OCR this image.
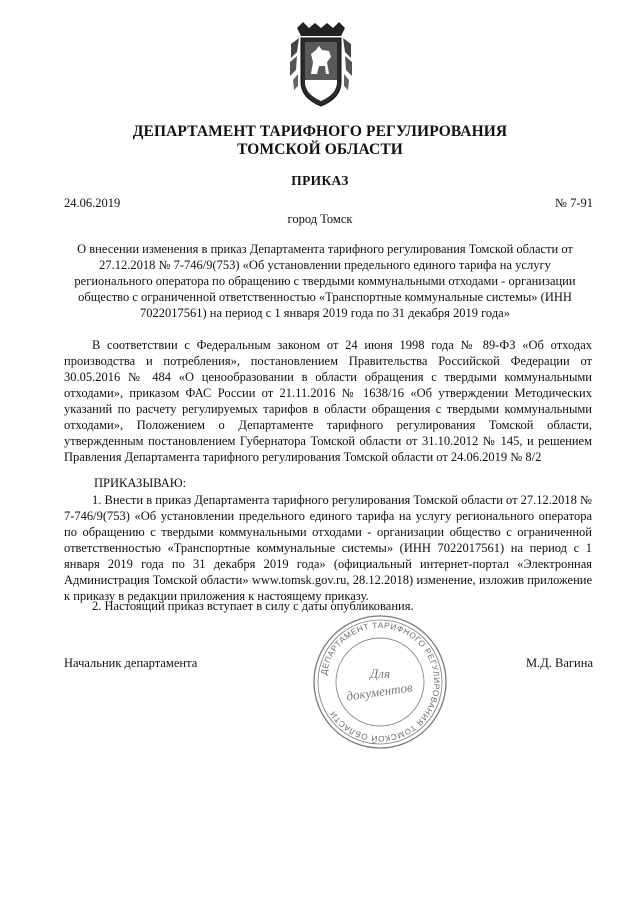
ДЕПАРТАМЕНТ ТАРИФНОГО РЕГУЛИРОВАНИЯ
ТОМСКОЙ ОБЛАСТИ
ПРИКАЗ
24.06.2019	№ 7-91
город Томск
О внесении изменения в приказ Департамента тарифного регулирования Томской области от 27.12.2018 № 7-746/9(753) «Об установлении предельного единого тарифа на услугу регионального оператора по обращению с твердыми коммунальными отходами - организации общество с ограниченной ответственностью «Транспортные коммунальные системы» (ИНН 7022017561) на период с 1 января 2019 года по 31 декабря 2019 года»
В соответствии с Федеральным законом от 24 июня 1998 года № 89-ФЗ «Об отходах производства и потребления», постановлением Правительства Российской Федерации от 30.05.2016 № 484 «О ценообразовании в области обращения с твердыми коммунальными отходами», приказом ФАС России от 21.11.2016 № 1638/16 «Об утверждении Методических указаний по расчету регулируемых тарифов в области обращения с твердыми коммунальными отходами», Положением о Департаменте тарифного регулирования Томской области, утвержденным постановлением Губернатора Томской области от 31.10.2012 № 145, и решением Правления Департамента тарифного регулирования Томской области от 24.06.2019 № 8/2
ПРИКАЗЫВАЮ:
1. Внести в приказ Департамента тарифного регулирования Томской области от 27.12.2018 № 7-746/9(753) «Об установлении предельного единого тарифа на услугу регионального оператора по обращению с твердыми коммунальными отходами - организации общество с ограниченной ответственностью «Транспортные коммунальные системы» (ИНН 7022017561) на период с 1 января 2019 года по 31 декабря 2019 года» (официальный интернет-портал «Электронная Администрация Томской области» www.tomsk.gov.ru, 28.12.2018) изменение, изложив приложение к приказу в редакции приложения к настоящему приказу.
2. Настоящий приказ вступает в силу с даты опубликования.
Начальник департамента	М.Д. Вагина
ДЕПАРТАМЕНТ ТАРИФНОГО РЕГУЛИРОВАНИЯ ТОМСКОЙ ОБЛАСТИ
Для
документов
